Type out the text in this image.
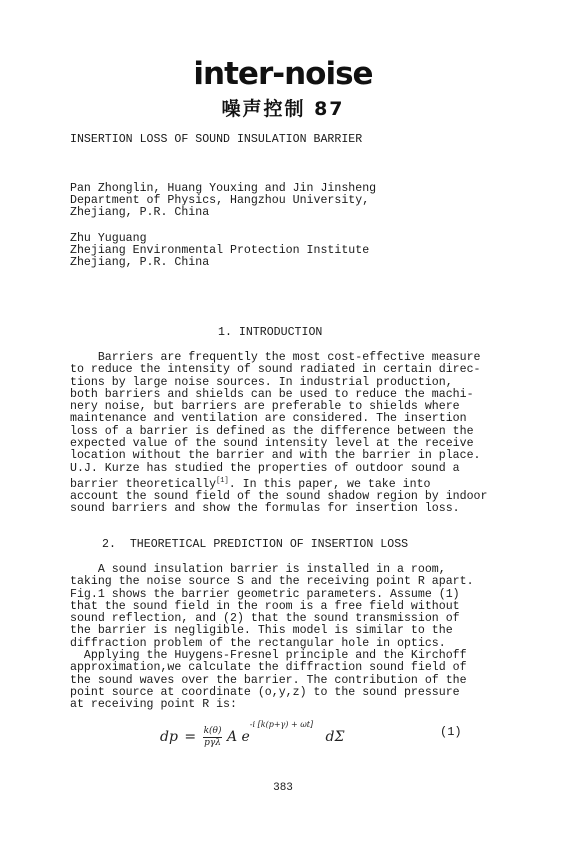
inter-noise
噪声控制 87
INSERTION LOSS OF SOUND INSULATION BARRIER
Pan Zhonglin, Huang Youxing and Jin Jinsheng
Department of Physics, Hangzhou University,
Zhejiang, P.R. China
Zhu Yuguang
Zhejiang Environmental Protection Institute
Zhejiang, P.R. China
1. INTRODUCTION
Barriers are frequently the most cost-effective measure
to reduce the intensity of sound radiated in certain direc-
tions by large noise sources. In industrial production,
both barriers and shields can be used to reduce the machi-
nery noise, but barriers are preferable to shields where
maintenance and ventilation are considered. The insertion
loss of a barrier is defined as the difference between the
expected value of the sound intensity level at the receive
location without the barrier and with the barrier in place.
U.J. Kurze has studied the properties of outdoor sound a
barrier theoretically[1]. In this paper, we take into
account the sound field of the sound shadow region by indoor
sound barriers and show the formulas for insertion loss.
2.  THEORETICAL PREDICTION OF INSERTION LOSS
A sound insulation barrier is installed in a room,
taking the noise source S and the receiving point R apart.
Fig.1 shows the barrier geometric parameters. Assume (1)
that the sound field in the room is a free field without
sound reflection, and (2) that the sound transmission of
the barrier is negligible. This model is similar to the
diffraction problem of the rectangular hole in optics.
Applying the Huygens-Fresnel principle and the Kirchoff
approximation,we calculate the diffraction sound field of
the sound waves over the barrier. The contribution of the
point source at coordinate (o,y,z) to the sound pressure
at receiving point R is:
dp = k(θ)
pγλ A $e^{-i [k(p+\gamma) + \omega t]}$ dΣ	(1)
383
